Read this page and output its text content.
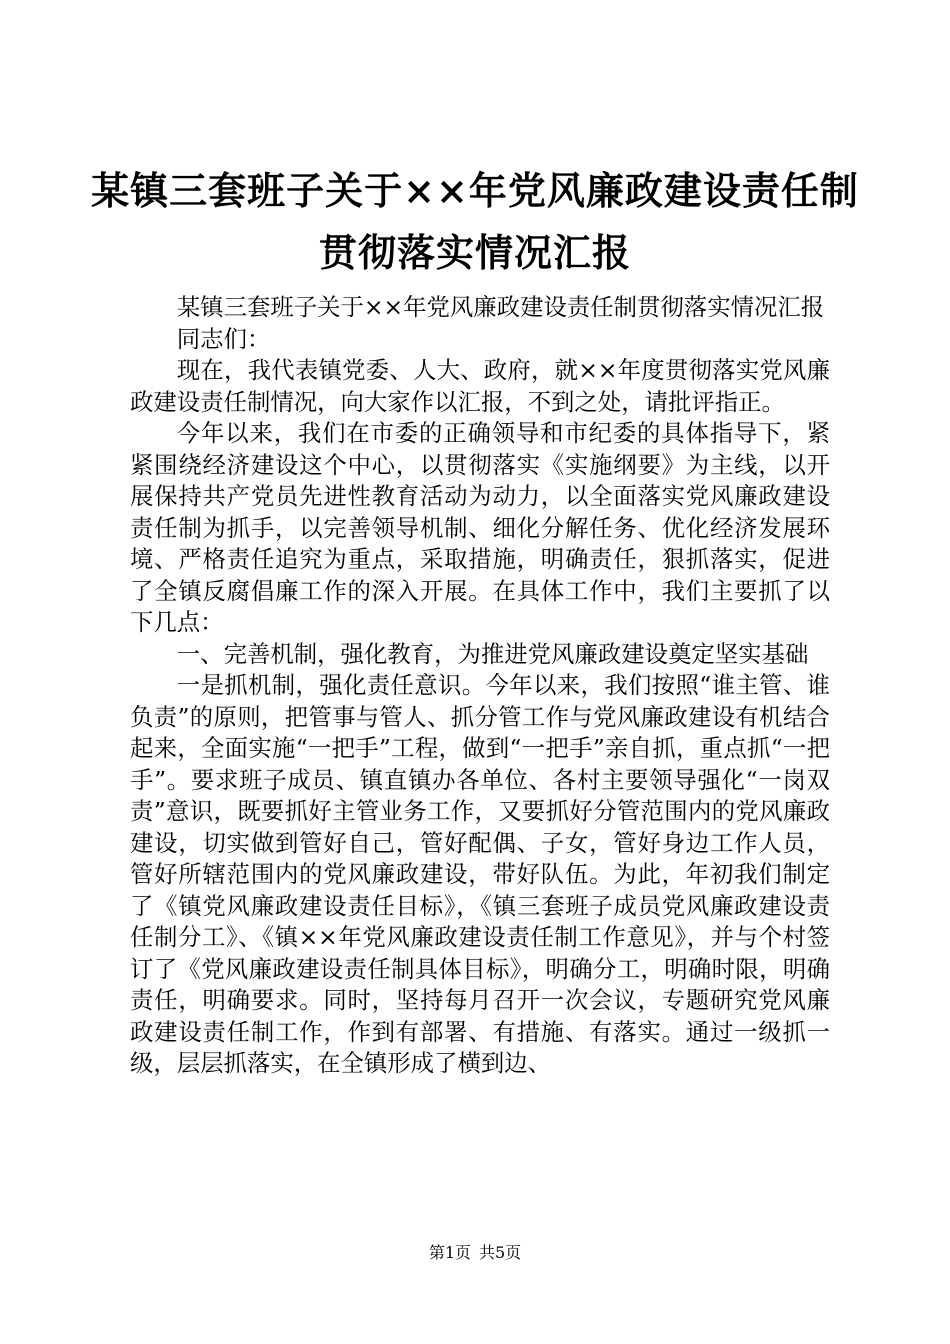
某镇三套班子关于××年党风廉政建设责任制
贯彻落实情况汇报

某镇三套班子关于××年党风廉政建设责任制贯彻落实情况汇报

同志们：

现在，我代表镇党委、人大、政府，就××年度贯彻落实党风廉政建设责任制情况，向大家作以汇报，不到之处，请批评指正。

今年以来，我们在市委的正确领导和市纪委的具体指导下，紧紧围绕经济建设这个中心，以贯彻落实《实施纲要》为主线，以开展保持共产党员先进性教育活动为动力，以全面落实党风廉政建设责任制为抓手，以完善领导机制、细化分解任务、优化经济发展环境、严格责任追究为重点，采取措施，明确责任，狠抓落实，促进了全镇反腐倡廉工作的深入开展。在具体工作中，我们主要抓了以下几点：

一、完善机制，强化教育，为推进党风廉政建设奠定坚实基础

一是抓机制，强化责任意识。今年以来，我们按照“谁主管、谁负责”的原则，把管事与管人、抓分管工作与党风廉政建设有机结合起来，全面实施“一把手”工程，做到“一把手”亲自抓，重点抓“一把手”。要求班子成员、镇直镇办各单位、各村主要领导强化“一岗双责”意识，既要抓好主管业务工作，又要抓好分管范围内的党风廉政建设，切实做到管好自己，管好配偶、子女，管好身边工作人员，管好所辖范围内的党风廉政建设，带好队伍。为此，年初我们制定了《镇党风廉政建设责任目标》，《镇三套班子成员党风廉政建设责任制分工》、《镇××年党风廉政建设责任制工作意见》，并与个村签订了《党风廉政建设责任制具体目标》，明确分工，明确时限，明确责任，明确要求。同时，坚持每月召开一次会议，专题研究党风廉政建设责任制工作，作到有部署、有措施、有落实。通过一级抓一级，层层抓落实，在全镇形成了横到边、

第1页 共5页
